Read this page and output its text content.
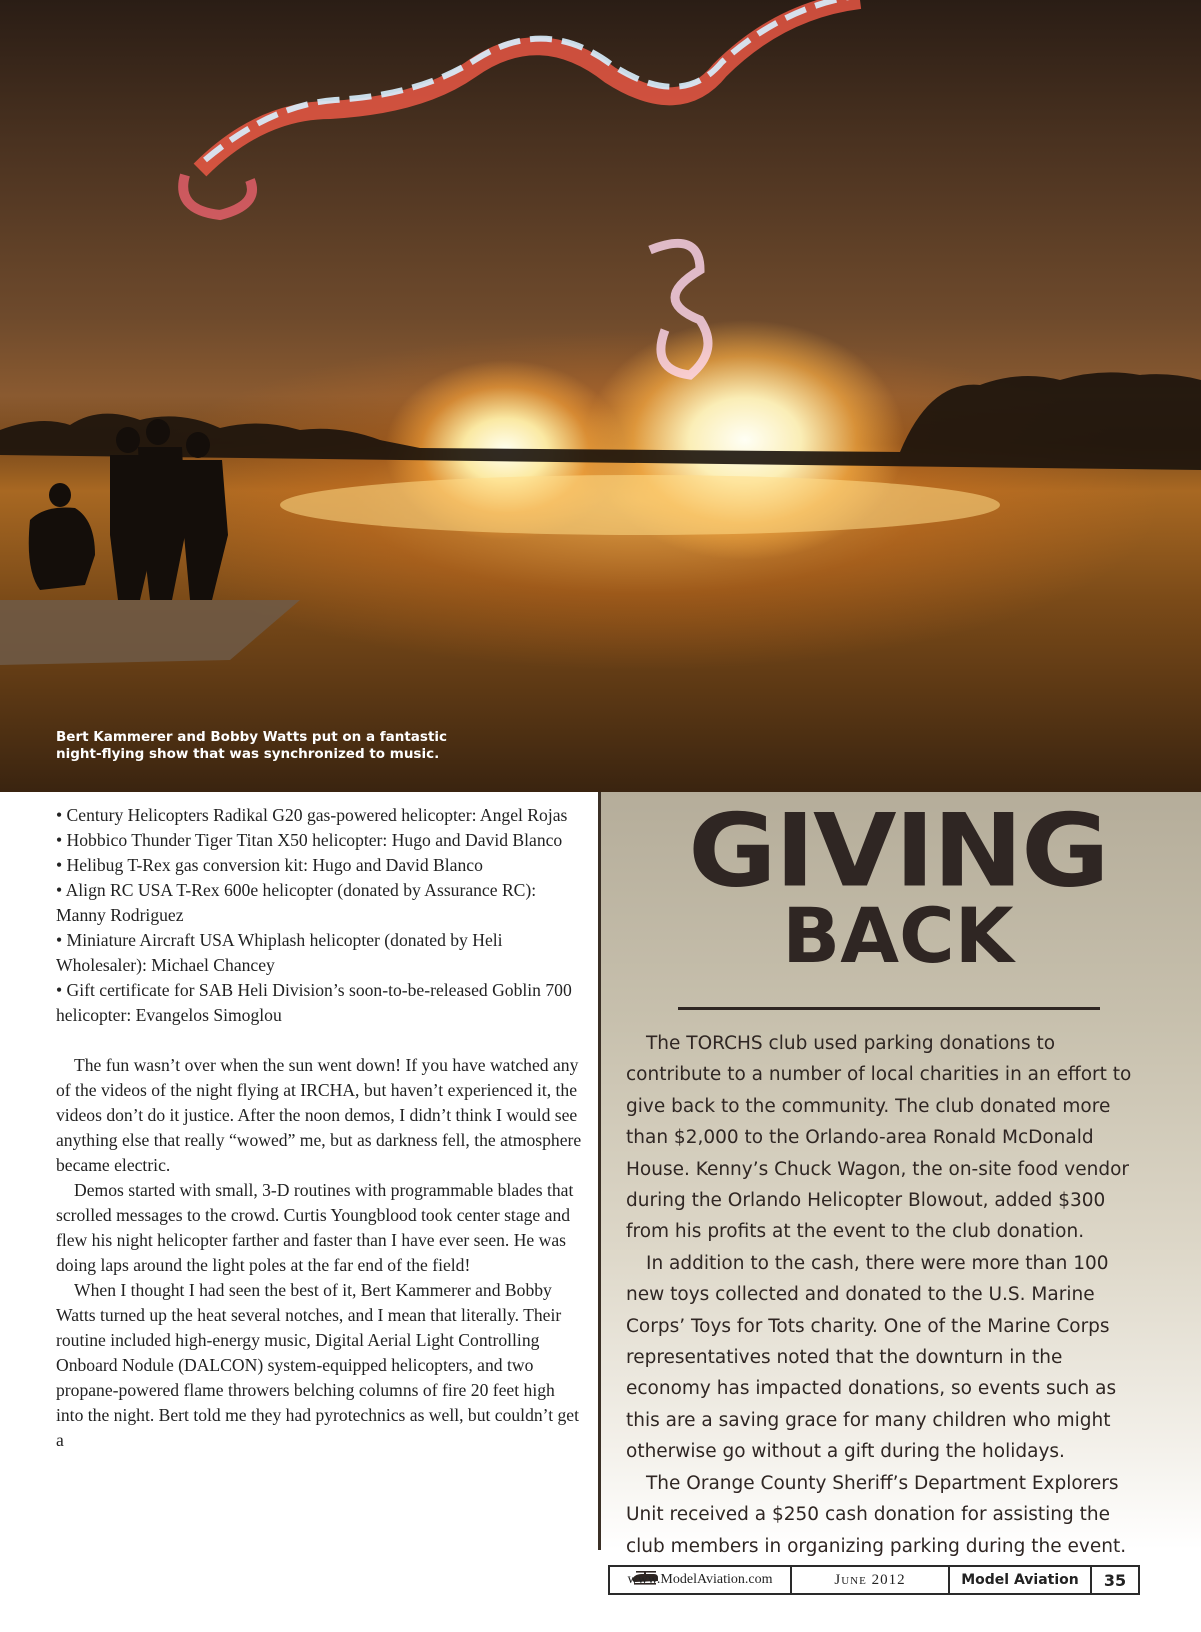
Bert Kammerer and Bobby Watts put on a fantastic night-flying show that was synchronized to music.

• Century Helicopters Radikal G20 gas-powered helicopter: Angel Rojas

• Hobbico Thunder Tiger Titan X50 helicopter: Hugo and David Blanco

• Helibug T-Rex gas conversion kit: Hugo and David Blanco

• Align RC USA T-Rex 600e helicopter (donated by Assurance RC): Manny Rodriguez

• Miniature Aircraft USA Whiplash helicopter (donated by Heli Wholesaler): Michael Chancey

• Gift certificate for SAB Heli Division’s soon-to-be-released Goblin 700 helicopter: Evangelos Simoglou

The fun wasn’t over when the sun went down! If you have watched any of the videos of the night flying at IRCHA, but haven’t experienced it, the videos don’t do it justice. After the noon demos, I didn’t think I would see anything else that really “wowed” me, but as darkness fell, the atmosphere became electric.

Demos started with small, 3-D routines with programmable blades that scrolled messages to the crowd. Curtis Youngblood took center stage and flew his night helicopter farther and faster than I have ever seen. He was doing laps around the light poles at the far end of the field!

When I thought I had seen the best of it, Bert Kammerer and Bobby Watts turned up the heat several notches, and I mean that literally. Their routine included high-energy music, Digital Aerial Light Controlling Onboard Nodule (DALCON) system-equipped helicopters, and two propane-powered flame throwers belching columns of fire 20 feet high into the night. Bert told me they had pyrotechnics as well, but couldn’t get a

GIVING
BACK

The TORCHS club used parking donations to contribute to a number of local charities in an effort to give back to the community. The club donated more than $2,000 to the Orlando-area Ronald McDonald House. Kenny’s Chuck Wagon, the on-site food vendor during the Orlando Helicopter Blowout, added $300 from his profits at the event to the club donation.

In addition to the cash, there were more than 100 new toys collected and donated to the U.S. Marine Corps’ Toys for Tots charity. One of the Marine Corps representatives noted that the downturn in the economy has impacted donations, so events such as this are a saving grace for many children who might otherwise go without a gift during the holidays.

The Orange County Sheriff’s Department Explorers Unit received a $250 cash donation for assisting the club members in organizing parking during the event.

www.ModelAviation.com	June 2012	Model Aviation	35
